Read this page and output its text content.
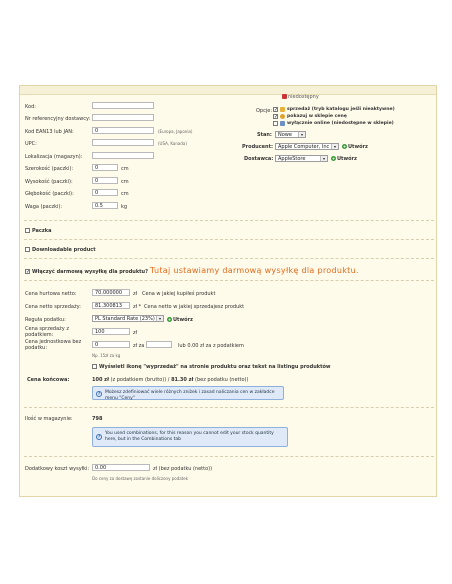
niedostępny
Opcje: ✓ sprzedaż (tryb katalogu jeśli nieaktywne)
✓ pokazuj w sklepie cenę
wyłącznie online (niedostępne w sklepie)
Stan:	Nowe	▾
Producent: Apple Computer, Inc	▾	+ Utwórz
Dostawca: AppleStore	▾	+ Utwórz
Kod:
Nr referencyjny dostawcy:
Kod EAN13 lub JAN:	0	(Europa, Japonia)
UPC:	(USA, Kanada)
Lokalizacja (magazyn):
Szerokość (paczki):	0	cm
Wysokość (paczki):	0	cm
Głębokość (paczki):	0	cm
Waga (paczki):	0.5	kg
Paczka
Downloadable product
✓ Włączyć darmową wysyłkę dla produktu? Tutaj ustawiamy darmową wysyłkę dla produktu.
Cena hurtowa netto:	70.000000	zł Cena w jakiej kupiłeś produkt
Cena netto sprzedaży:	81.300813	zł * Cena netto w jakiej sprzedajesz produkt
Reguła podatku:	PL Standard Rate (23%)	▾	+ Utwórz
Cena sprzedaży z podatkiem:	100	zł
Cena jednostkowa bez podatku:	0	zł za	lub 0.00 zł za z podatkiem
Np. 15zł za kg
Wyświetl ikonę "wyprzedaż" na stronie produktu oraz tekst na listingu produktów
Cena końcowa:	100 zł (z podatkiem (brutto)) / 81.30 zł (bez podatku (netto))
?	Możesz zdefiniować wiele różnych zniżek i zasad naliczania cen w zakładce menu "Ceny"
Ilość w magazynie:	798
?
You used combinations, for this reason you cannot edit your stock quantity here, but in the Combinations tab
Dodatkowy koszt wysyłki:	0.00	zł (bez podatku (netto))
Do ceny za dostawę zostanie doliczony podatek
